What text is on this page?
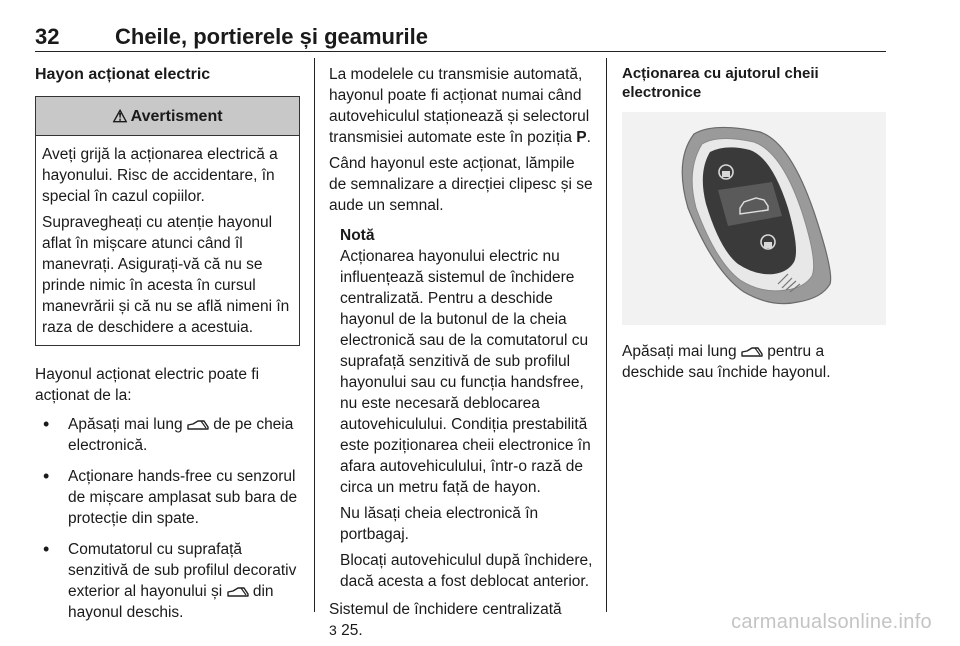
32	Cheile, portierele și geamurile
Hayon acționat electric
⚠ Avertisment

Aveți grijă la acționarea electrică a hayonului. Risc de accidentare, în special în cazul copiilor.

Supravegheați cu atenție hayonul aflat în mișcare atunci când îl manevrați. Asigurați-vă că nu se prinde nimic în acesta în cursul manevrării și că nu se află nimeni în raza de deschidere a acestuia.

Hayonul acționat electric poate fi acționat de la:

• Apăsați mai lung de pe cheia electronică.
• Acționare hands-free cu senzorul de mișcare amplasat sub bara de protecție din spate.
• Comutatorul cu suprafață senzitivă de sub profilul decorativ exterior al hayonului și din hayonul deschis.

La modelele cu transmisie automată, hayonul poate fi acționat numai când autovehiculul staționează și selectorul transmisiei automate este în poziția P.

Când hayonul este acționat, lămpile de semnalizare a direcției clipesc și se aude un semnal.

Notă

Acționarea hayonului electric nu influențează sistemul de închidere centralizată. Pentru a deschide hayonul de la butonul de la cheia electronică sau de la comutatorul cu suprafață senzitivă de sub profilul hayonului sau cu funcția handsfree, nu este necesară deblocarea autovehiculului. Condiția prestabilită este poziționarea cheii electronice în afara autovehiculului, într-o rază de circa un metru față de hayon.

Nu lăsați cheia electronică în portbagaj.

Blocați autovehiculul după închidere, dacă acesta a fost deblocat anterior.

Sistemul de închidere centralizată
3 25.

Acționarea cu ajutorul cheii electronice

Apăsați mai lung pentru a deschide sau închide hayonul.

carmanualsonline.info
